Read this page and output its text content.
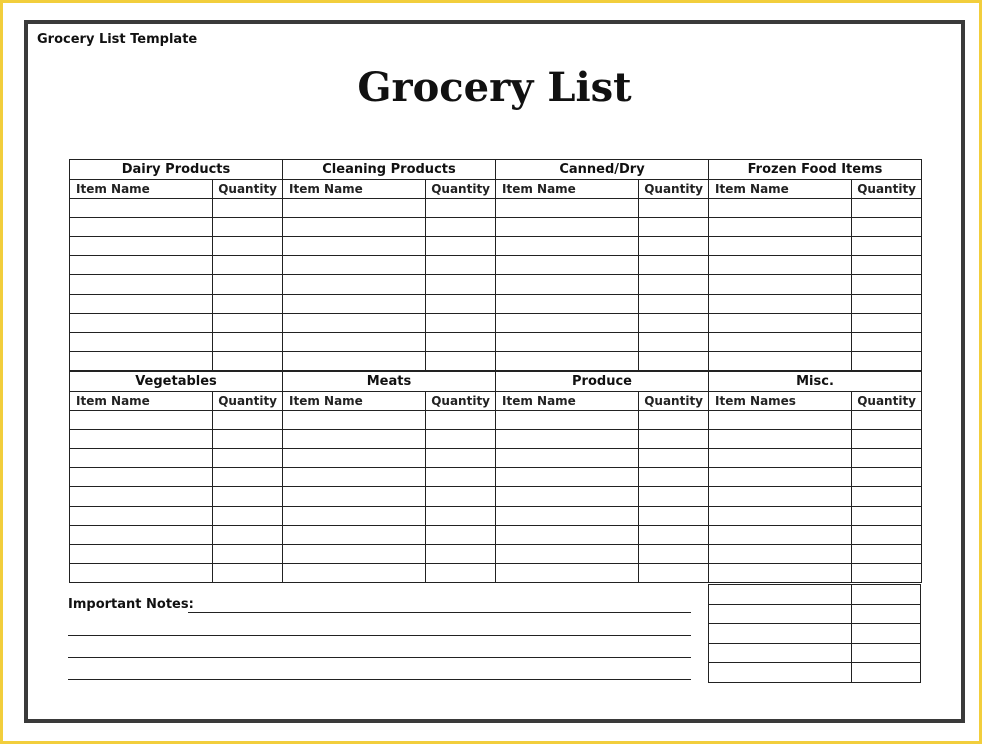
Grocery List Template
Grocery List
Dairy Products
Item Name	Quantity
Cleaning Products
Item Name	Quantity
Canned/Dry
Item Name	Quantity
Frozen Food Items
Item Name	Quantity
Vegetables
Item Name	Quantity
Meats
Item Name	Quantity
Produce
Item Name	Quantity
Misc.
Item Names	Quantity
Important Notes:
